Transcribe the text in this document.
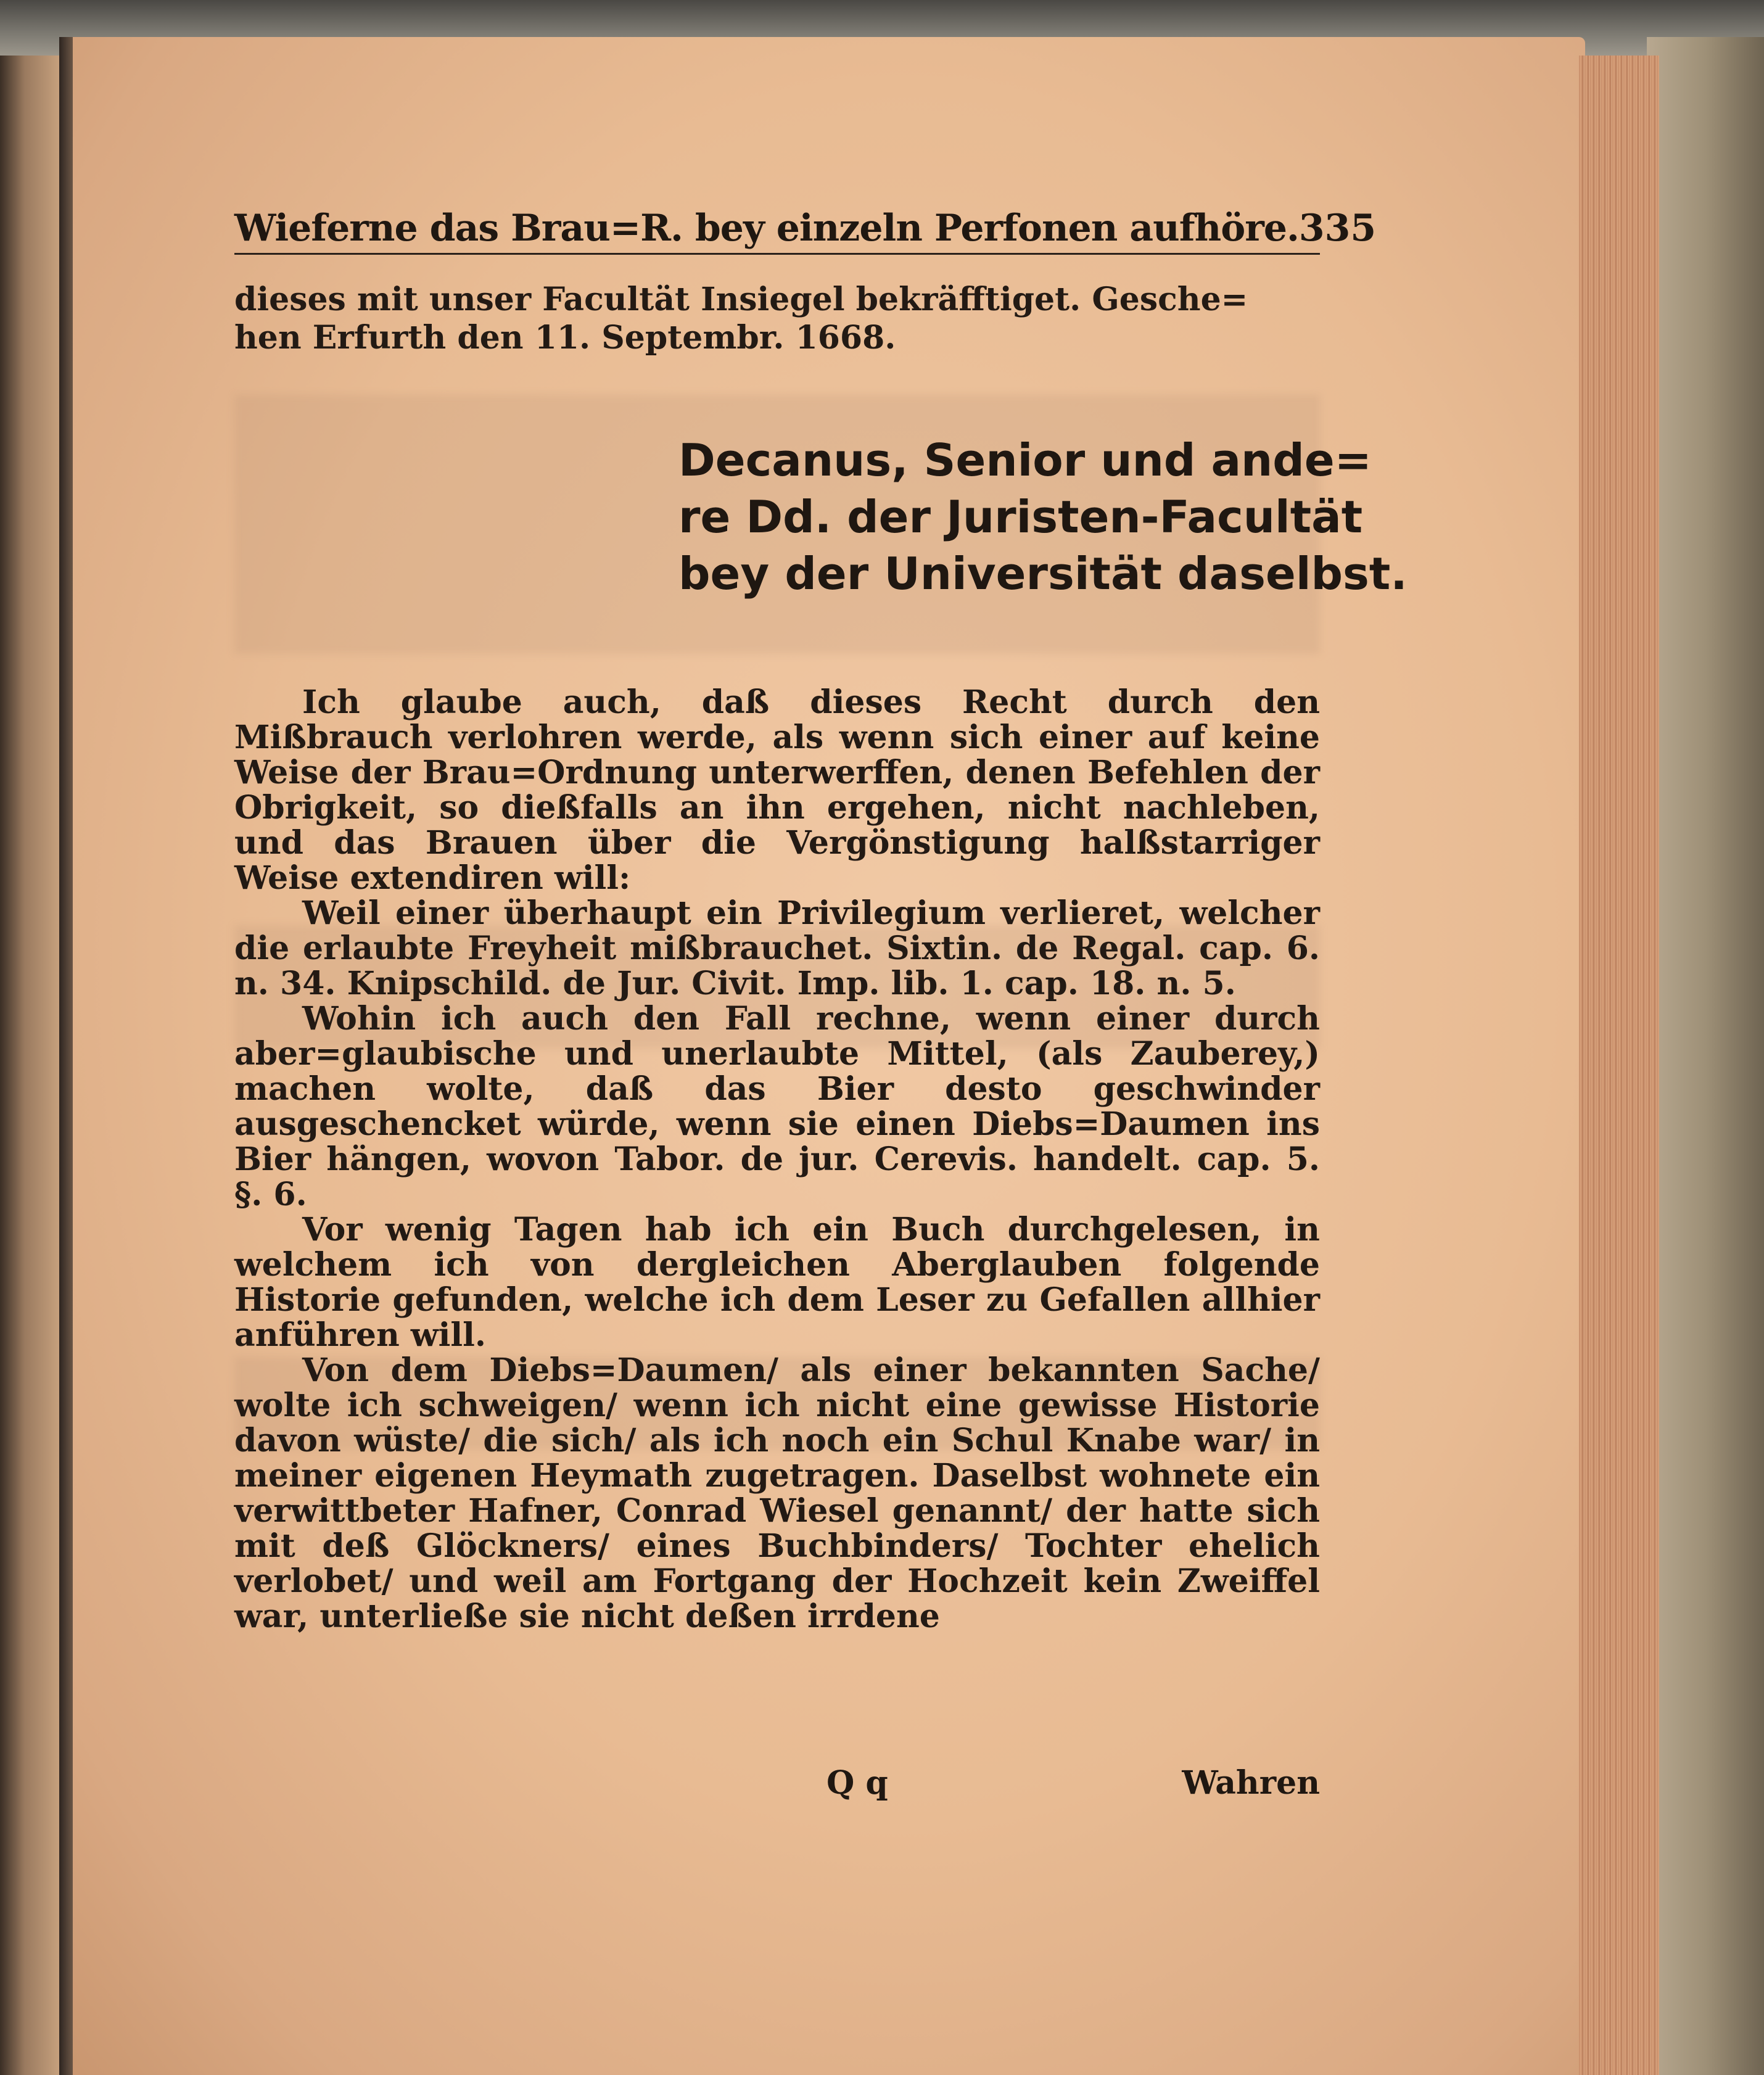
Wieferne das Brau=R. bey einzeln Perfonen aufhöre. 335
dieses mit unser Facultät Insiegel bekräfftiget. Gesche=
hen Erfurth den 11. Septembr. 1668.
Decanus, Senior und ande=
re Dd. der Juristen-Facultät
bey der Universität daselbst.

Ich glaube auch, daß dieses Recht durch den Mißbrauch verlohren werde, als wenn sich einer auf keine Weise der Brau=Ordnung unterwerffen, denen Befehlen der Obrigkeit, so dießfalls an ihn ergehen, nicht nachleben, und das Brauen über die Vergönstigung halßstarriger Weise extendiren will:

Weil einer überhaupt ein Privilegium verlieret, welcher die erlaubte Freyheit mißbrauchet. Sixtin. de Regal. cap. 6. n. 34. Knipschild. de Jur. Civit. Imp. lib. 1. cap. 18. n. 5.

Wohin ich auch den Fall rechne, wenn einer durch aber=glaubische und unerlaubte Mittel, (als Zauberey,) machen wolte, daß das Bier desto geschwinder ausgeschencket würde, wenn sie einen Diebs=Daumen ins Bier hängen, wovon Tabor. de jur. Cerevis. handelt. cap. 5. §. 6.

Vor wenig Tagen hab ich ein Buch durchgelesen, in welchem ich von dergleichen Aberglauben folgende Historie gefunden, welche ich dem Leser zu Gefallen allhier anführen will.

Von dem Diebs=Daumen/ als einer bekannten Sache/ wolte ich schweigen/ wenn ich nicht eine gewisse Historie davon wüste/ die sich/ als ich noch ein Schul Knabe war/ in meiner eigenen Heymath zugetragen. Daselbst wohnete ein verwittbeter Hafner, Conrad Wiesel genannt/ der hatte sich mit deß Glöckners/ eines Buchbinders/ Tochter ehelich verlobet/ und weil am Fortgang der Hochzeit kein Zweiffel war, unterließe sie nicht deßen irrdene

Q q	Wahren
